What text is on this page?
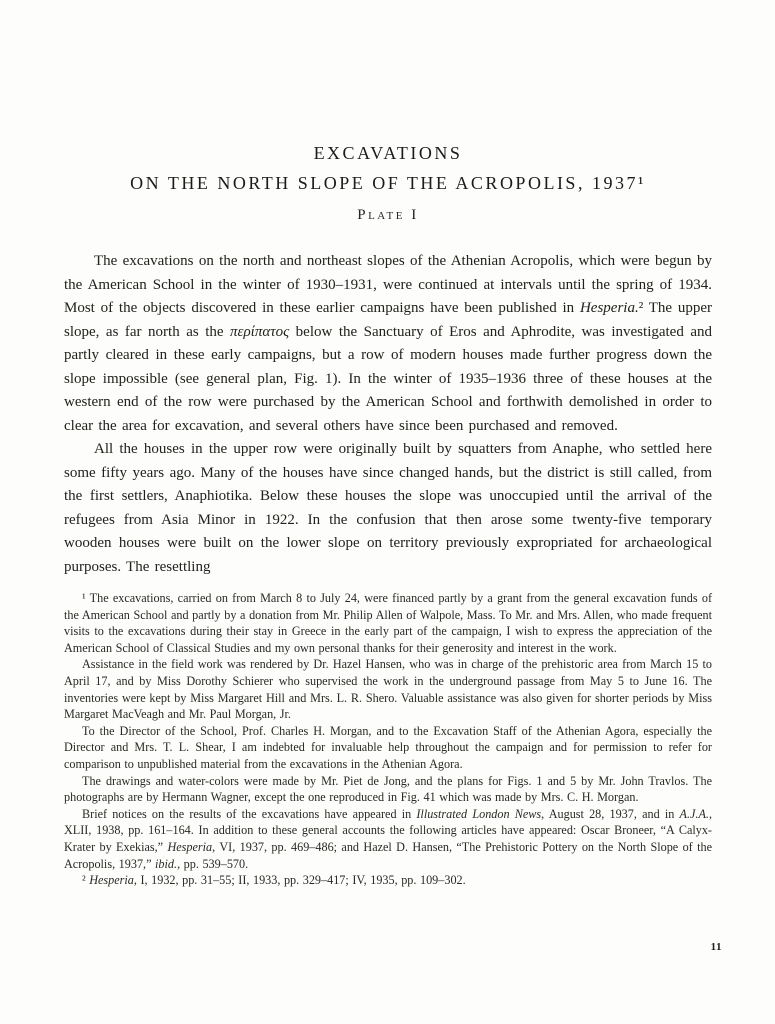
EXCAVATIONS
ON THE NORTH SLOPE OF THE ACROPOLIS, 1937¹
Plate I

The excavations on the north and northeast slopes of the Athenian Acropolis, which were begun by the American School in the winter of 1930–1931, were continued at intervals until the spring of 1934. Most of the objects discovered in these earlier campaigns have been published in Hesperia.² The upper slope, as far north as the περίπατος below the Sanctuary of Eros and Aphrodite, was investigated and partly cleared in these early campaigns, but a row of modern houses made further progress down the slope impossible (see general plan, Fig. 1). In the winter of 1935–1936 three of these houses at the western end of the row were purchased by the American School and forthwith demolished in order to clear the area for excavation, and several others have since been purchased and removed.

All the houses in the upper row were originally built by squatters from Anaphe, who settled here some fifty years ago. Many of the houses have since changed hands, but the district is still called, from the first settlers, Anaphiotika. Below these houses the slope was unoccupied until the arrival of the refugees from Asia Minor in 1922. In the confusion that then arose some twenty-five temporary wooden houses were built on the lower slope on territory previously expropriated for archaeological purposes. The resettling

¹ The excavations, carried on from March 8 to July 24, were financed partly by a grant from the general excavation funds of the American School and partly by a donation from Mr. Philip Allen of Walpole, Mass. To Mr. and Mrs. Allen, who made frequent visits to the excavations during their stay in Greece in the early part of the campaign, I wish to express the appreciation of the American School of Classical Studies and my own personal thanks for their generosity and interest in the work.

Assistance in the field work was rendered by Dr. Hazel Hansen, who was in charge of the prehistoric area from March 15 to April 17, and by Miss Dorothy Schierer who supervised the work in the underground passage from May 5 to June 16. The inventories were kept by Miss Margaret Hill and Mrs. L. R. Shero. Valuable assistance was also given for shorter periods by Miss Margaret MacVeagh and Mr. Paul Morgan, Jr.

To the Director of the School, Prof. Charles H. Morgan, and to the Excavation Staff of the Athenian Agora, especially the Director and Mrs. T. L. Shear, I am indebted for invaluable help throughout the campaign and for permission to refer for comparison to unpublished material from the excavations in the Athenian Agora.

The drawings and water-colors were made by Mr. Piet de Jong, and the plans for Figs. 1 and 5 by Mr. John Travlos. The photographs are by Hermann Wagner, except the one reproduced in Fig. 41 which was made by Mrs. C. H. Morgan.

Brief notices on the results of the excavations have appeared in Illustrated London News, August 28, 1937, and in A.J.A., XLII, 1938, pp. 161–164. In addition to these general accounts the following articles have appeared: Oscar Broneer, “A Calyx-Krater by Exekias,” Hesperia, VI, 1937, pp. 469–486; and Hazel D. Hansen, “The Prehistoric Pottery on the North Slope of the Acropolis, 1937,” ibid., pp. 539–570.

² Hesperia, I, 1932, pp. 31–55; II, 1933, pp. 329–417; IV, 1935, pp. 109–302.

11
